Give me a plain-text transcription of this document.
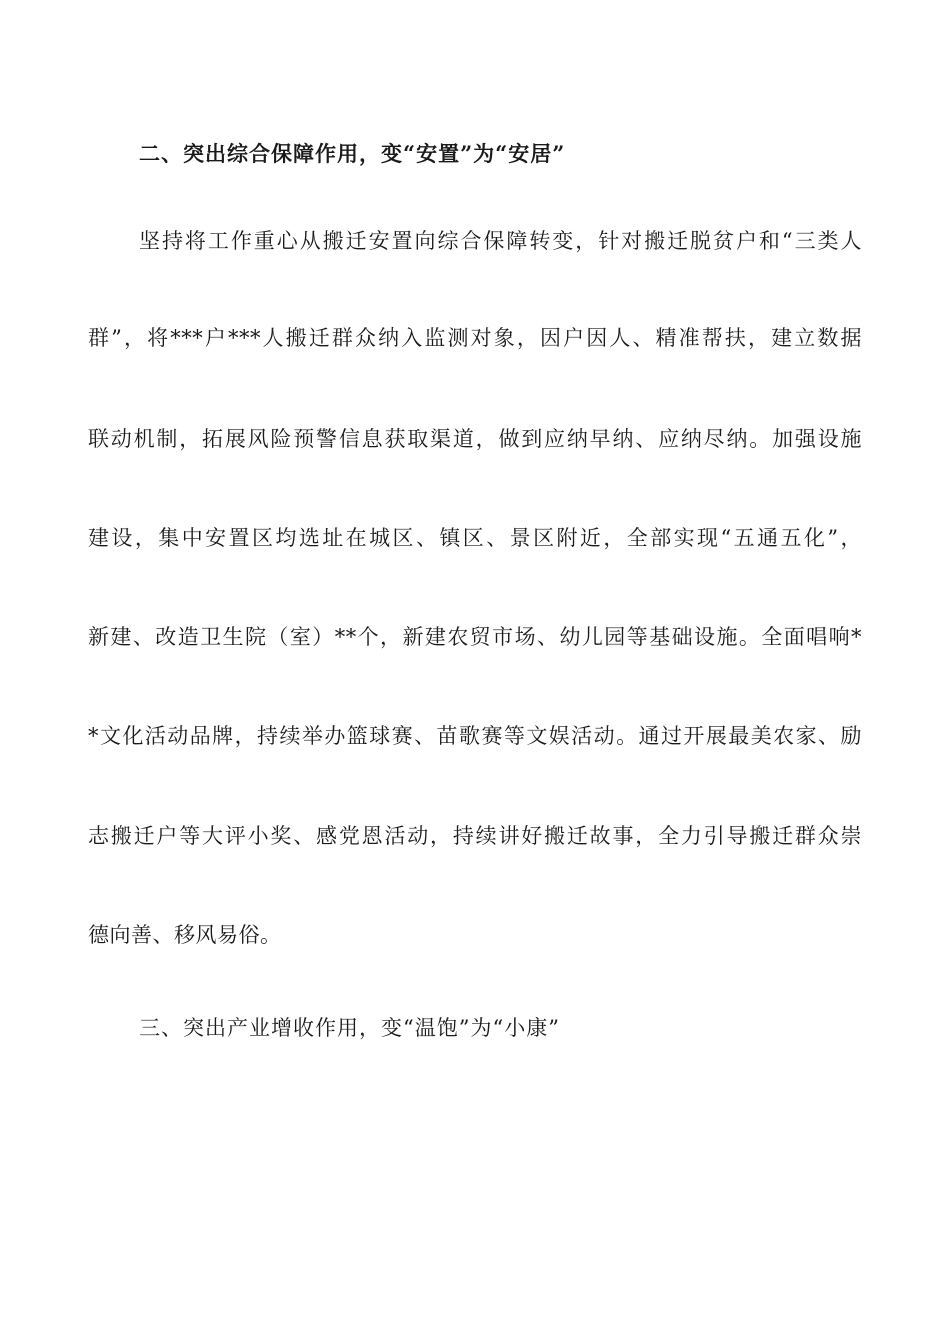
二、突出综合保障作用，变“安置”为“安居”
坚持将工作重心从搬迁安置向综合保障转变，针对搬迁脱贫户和“三类人
群”，将***户***人搬迁群众纳入监测对象，因户因人、精准帮扶，建立数据
联动机制，拓展风险预警信息获取渠道，做到应纳早纳、应纳尽纳。加强设施
建设，集中安置区均选址在城区、镇区、景区附近，全部实现“五通五化”，
新建、改造卫生院（室）**个，新建农贸市场、幼儿园等基础设施。全面唱响*
*文化活动品牌，持续举办篮球赛、苗歌赛等文娱活动。通过开展最美农家、励
志搬迁户等大评小奖、感党恩活动，持续讲好搬迁故事，全力引导搬迁群众崇
德向善、移风易俗。
三、突出产业增收作用，变“温饱”为“小康”
